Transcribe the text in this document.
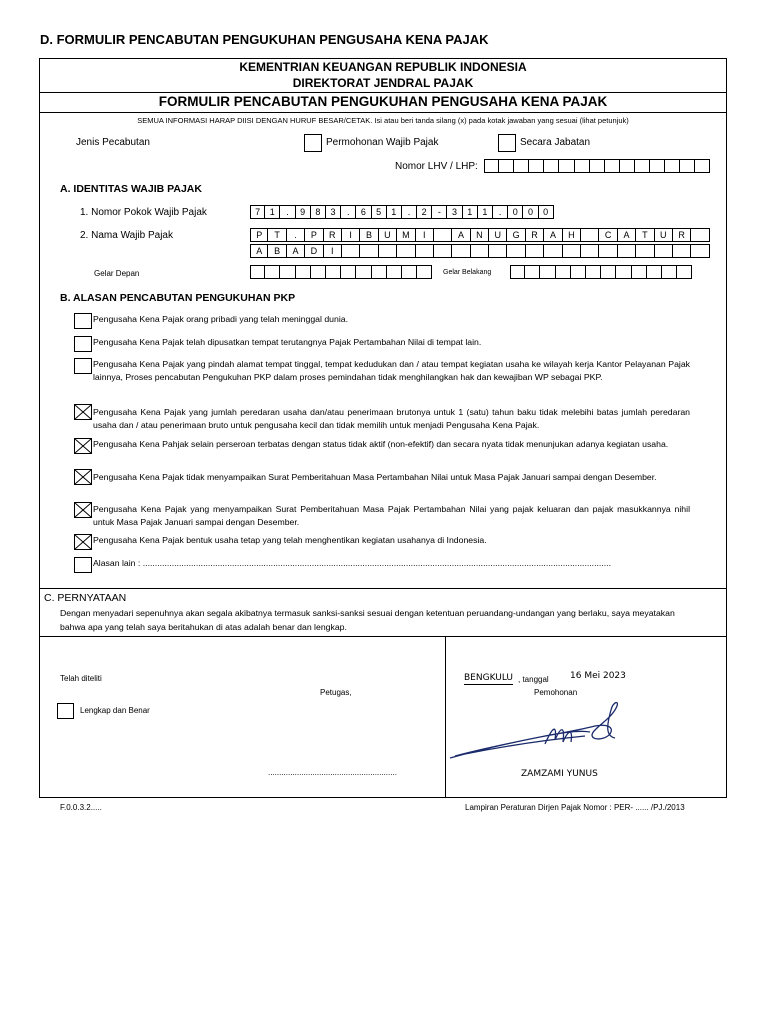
D. FORMULIR PENCABUTAN PENGUKUHAN PENGUSAHA KENA PAJAK
KEMENTRIAN KEUANGAN REPUBLIK INDONESIA
DIREKTORAT JENDRAL PAJAK
FORMULIR PENCABUTAN PENGUKUHAN PENGUSAHA KENA PAJAK
SEMUA INFORMASI HARAP DIISI DENGAN HURUF BESAR/CETAK. Isi atau beri tanda silang (x) pada kotak jawaban yang sesuai (lihat petunjuk)
Jenis Pecabutan	Permohonan Wajib Pajak	Secara Jabatan
Nomor LHV / LHP:
A. IDENTITAS WAJIB PAJAK
1. Nomor Pokok Wajib Pajak	7	1	.	9	8	3	.	6	5	1	.	2	-	3	1	1	.	0	0	0
2. Nama Wajib Pajak	P	T	.	P	R	I	B	U	M	I	A	N	U	G	R	A	H	C	A	T	U	R
A	B	A	D	I
Gelar Depan	Gelar Belakang
B. ALASAN PENCABUTAN PENGUKUHAN PKP
Pengusaha Kena Pajak orang pribadi yang telah meninggal dunia.
Pengusaha Kena Pajak telah dipusatkan tempat terutangnya Pajak Pertambahan Nilai di tempat lain.
Pengusaha Kena Pajak yang pindah alamat tempat tinggal, tempat kedudukan dan / atau tempat kegiatan usaha ke wilayah kerja Kantor Pelayanan Pajak lainnya, Proses pencabutan Pengukuhan PKP dalam proses pemindahan tidak menghilangkan hak dan kewajiban WP sebagai PKP.
Pengusaha Kena Pajak yang jumlah peredaran usaha dan/atau penerimaan brutonya untuk 1 (satu) tahun baku tidak melebihi batas jumlah peredaran usaha dan / atau penerimaan bruto untuk pengusaha kecil dan tidak memilih untuk menjadi Pengusaha Kena Pajak.
Pengusaha Kena Pahjak selain perseroan terbatas dengan status tidak aktif (non-efektif) dan secara nyata tidak menunjukan adanya kegiatan usaha.
Pengusaha Kena Pajak tidak menyampaikan Surat Pemberitahuan Masa Pertambahan Nilai untuk Masa Pajak Januari sampai dengan Desember.
Pengusaha Kena Pajak yang menyampaikan Surat Pemberitahuan Masa Pajak Pertambahan Nilai yang pajak keluaran dan pajak masukkannya nihil untuk Masa Pajak Januari sampai dengan Desember.
Pengusaha Kena Pajak bentuk usaha tetap yang telah menghentikan kegiatan usahanya di Indonesia.
Alasan lain : ..................................................................................................................................................................................................
C. PERNYATAAN
Dengan menyadari sepenuhnya akan segala akibatnya termasuk sanksi-sanksi sesuai dengan ketentuan peruandang-undangan yang berlaku, saya meyatakan bahwa apa yang telah saya beritahukan di atas adalah benar dan lengkap.
Telah diteliti
Petugas,
Lengkap dan Benar
..........................................................
BENGKULU , tanggal 16 Mei 2023
Pemohonan
ZAMZAMI YUNUS
F.0.0.3.2.....	Lampiran Peraturan Dirjen Pajak Nomor : PER- ...... /PJ./2013
